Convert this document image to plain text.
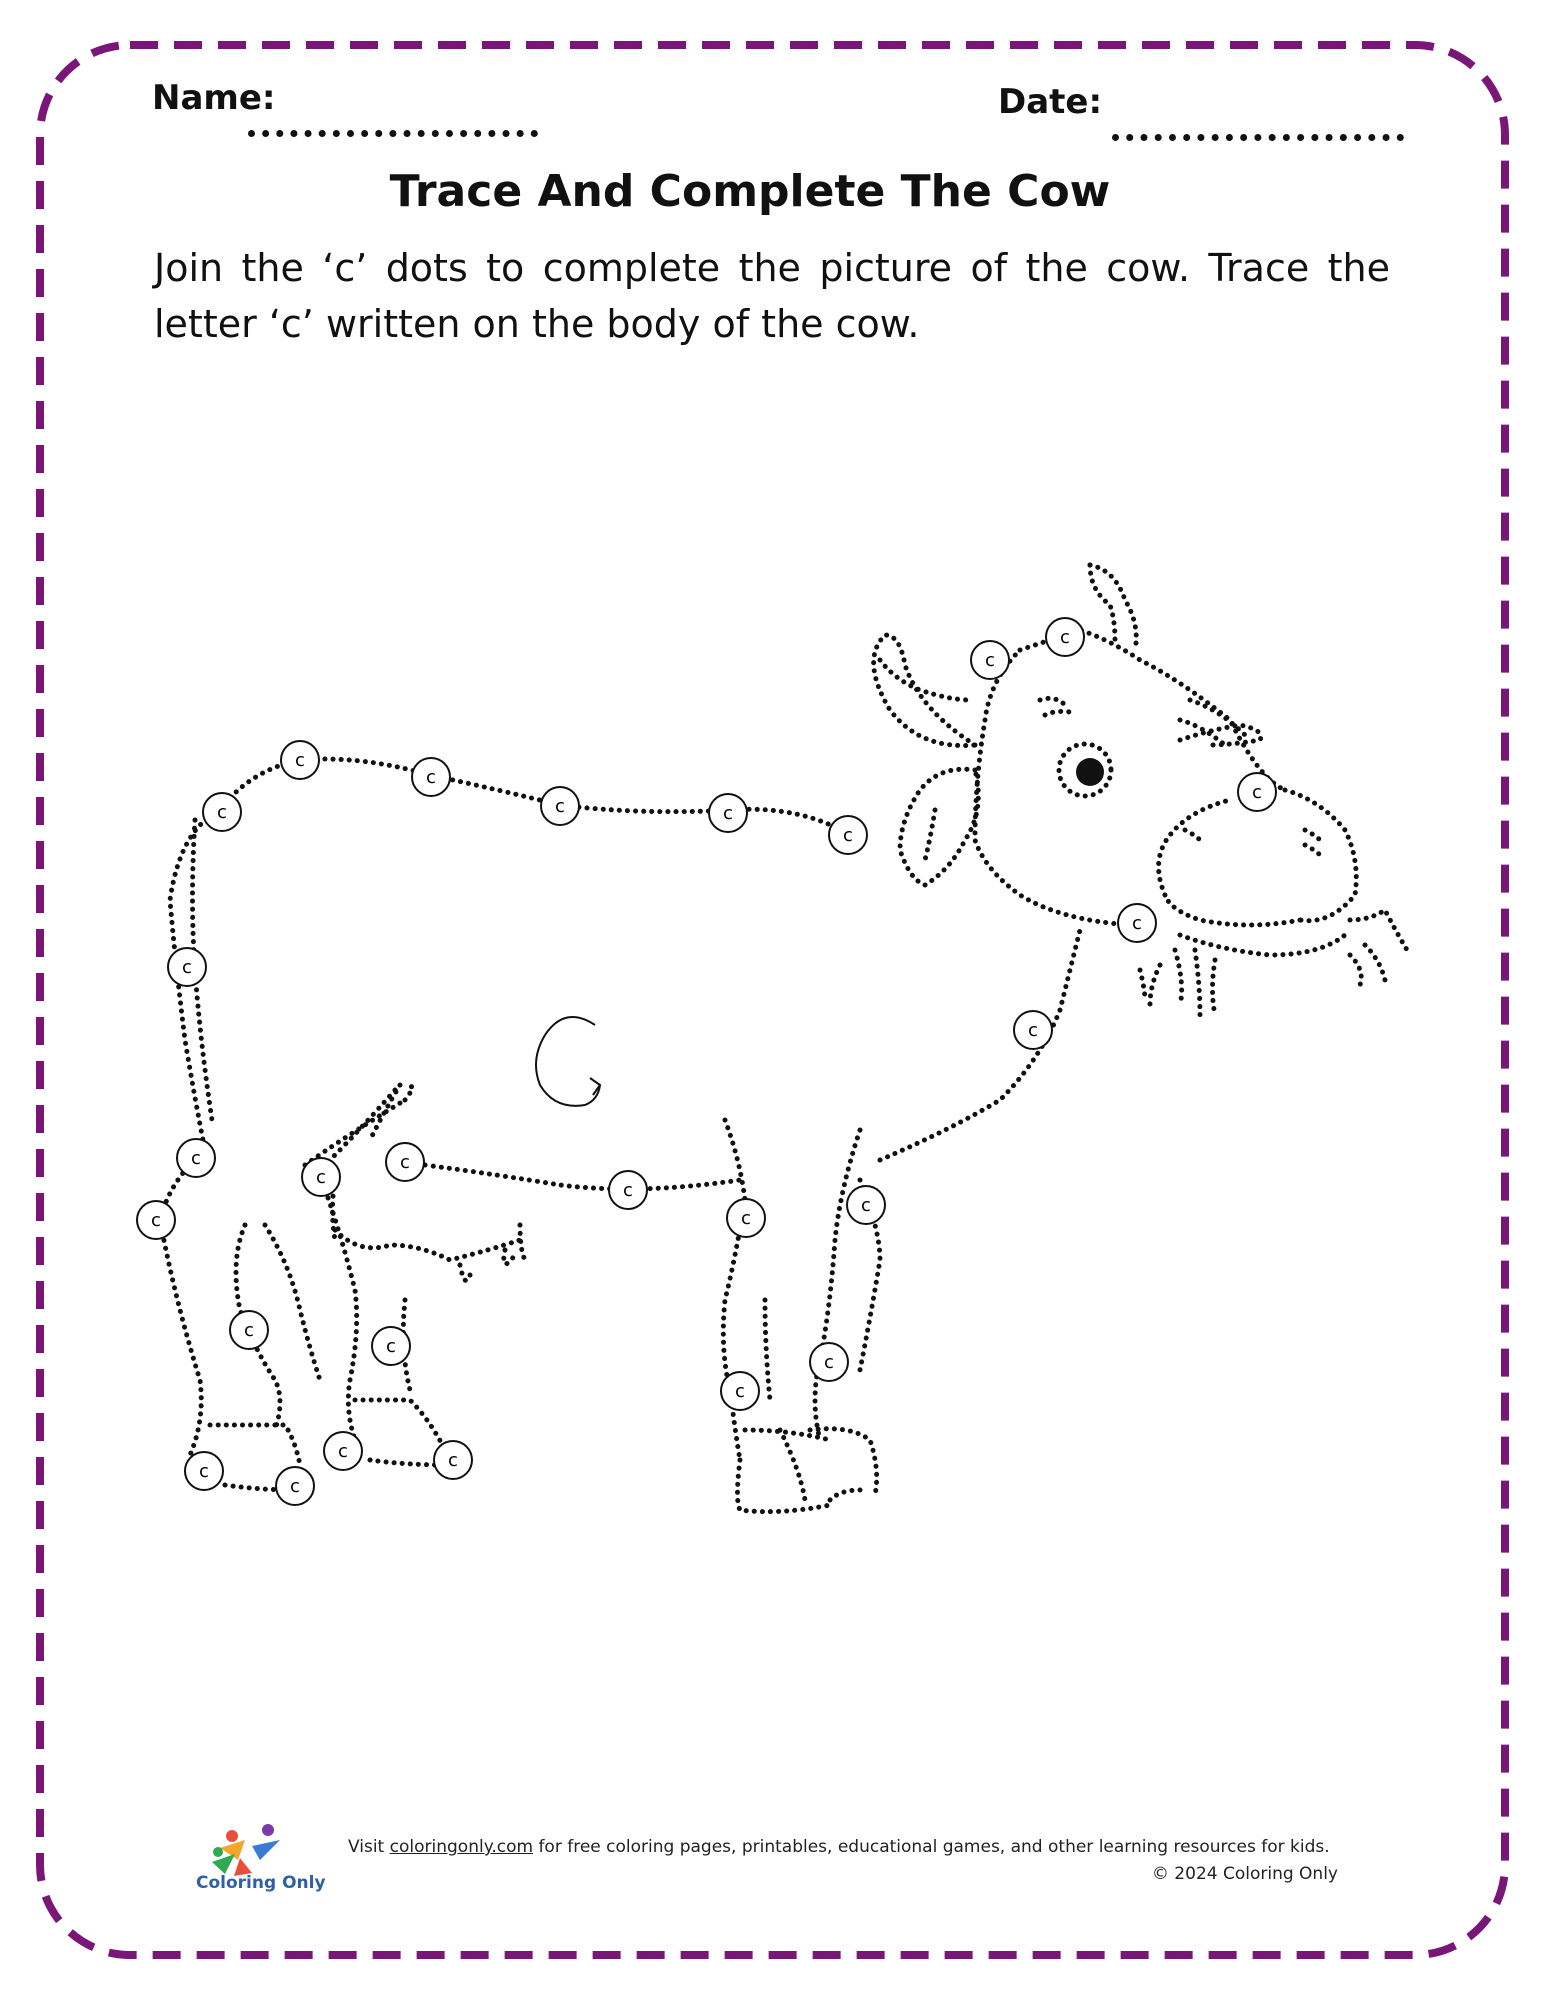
Name:	Date:
Trace And Complete The Cow
Join the ‘c’ dots to complete the picture of the cow. Trace the letter ‘c’ written on the body of the cow.
c
c
c
c
c
c
c
c	c
c
c
c
c
c
c
c
c
c
c
c
c
c
c
c
c
c	c
Coloring Only
Visit coloringonly.com for free coloring pages, printables, educational games, and other learning resources for kids.
© 2024 Coloring Only
